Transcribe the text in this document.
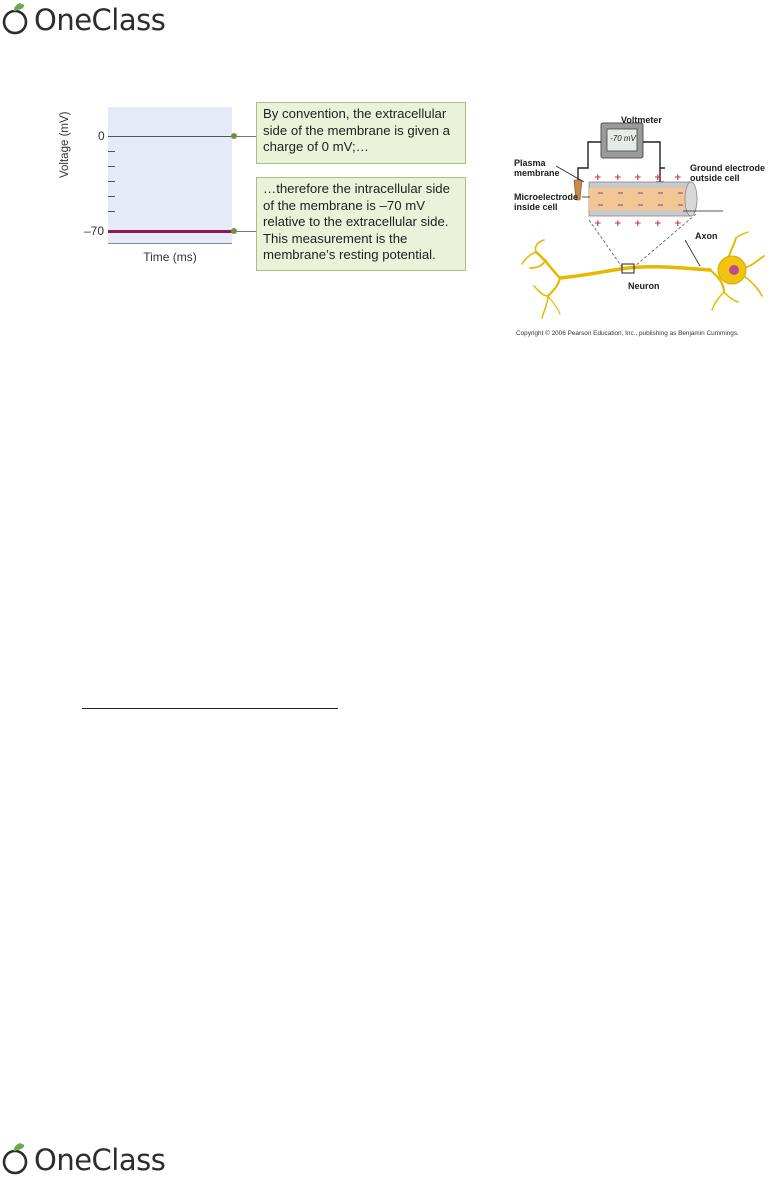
OneClass
Voltage (mV) 0
–70
Time (ms)
By convention, the extracellular side of the membrane is given a charge of 0 mV;…
…therefore the intracellular side of the membrane is –70 mV relative to the extracellular side. This measurement is the membrane’s resting potential.
+ + + + +
+ + + + +
Voltmeter
-70 mV
Plasma membrane
Microelectrode inside cell
Ground electrode outside cell
Axon
Neuron
Copyright © 2006 Pearson Education, Inc., publishing as Benjamin Cummings.
OneClass
